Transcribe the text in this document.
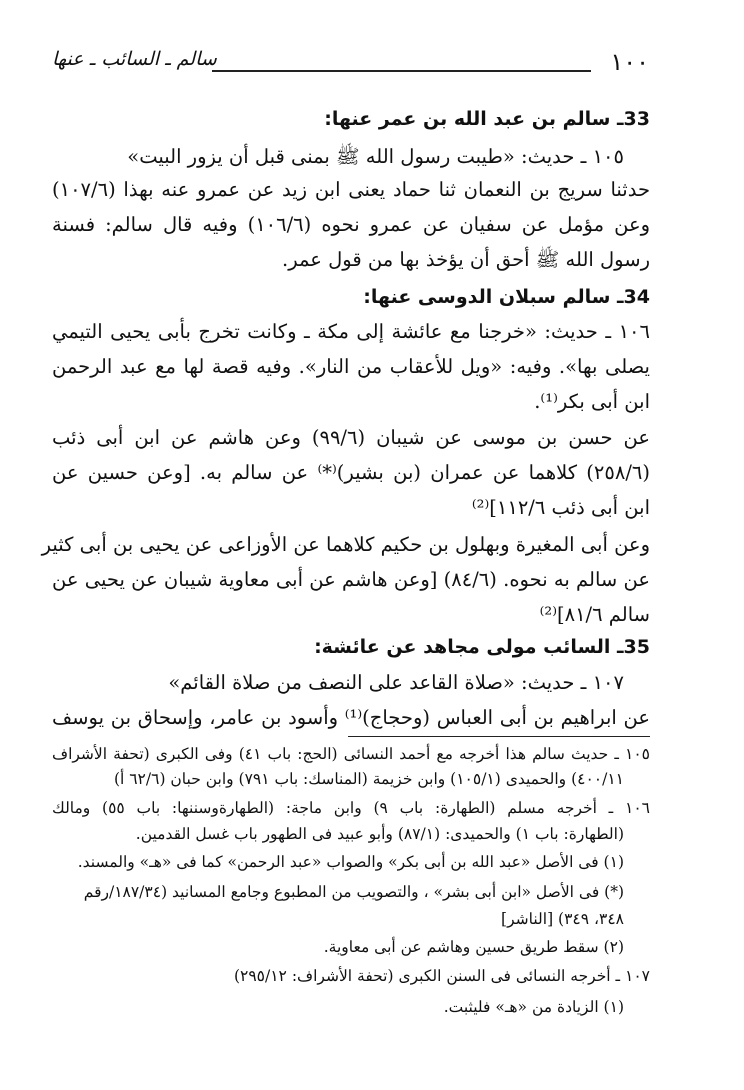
١٠٠
سالم ـ السائب ـ عنها
33ـ سالم بن عبد الله بن عمر عنها:
١٠٥ ـ حديث: «طيبت رسول الله ﷺ بمنى قبل أن يزور البيت»
حدثنا سريج بن النعمان ثنا حماد يعنى ابن زيد عن عمرو عنه بهذا (١٠٧/٦)
وعن مؤمل عن سفيان عن عمرو نحوه (١٠٦/٦) وفيه قال سالم: فسنة
رسول الله ﷺ أحق أن يؤخذ بها من قول عمر.
34ـ سالم سبلان الدوسى عنها:
١٠٦ ـ حديث: «خرجنا مع عائشة إلى مكة ـ وكانت تخرج بأبى يحيى التيمي
يصلى بها». وفيه: «ويل للأعقاب من النار». وفيه قصة لها مع عبد الرحمن
ابن أبى بكر⁽¹⁾.
عن حسن بن موسى عن شيبان (٩٩/٦) وعن هاشم عن ابن أبى ذئب
(٢٥٨/٦) كلاهما عن عمران (بن بشير)⁽*⁾ عن سالم به. [وعن حسين عن
ابن أبى ذئب ١١٢/٦]⁽²⁾
وعن أبى المغيرة وبهلول بن حكيم كلاهما عن الأوزاعى عن يحيى بن أبى كثير
عن سالم به نحوه. (٨٤/٦) [وعن هاشم عن أبى معاوية شيبان عن يحيى عن
سالم ٨١/٦]⁽²⁾
35ـ السائب مولى مجاهد عن عائشة:
١٠٧ ـ حديث: «صلاة القاعد على النصف من صلاة القائم»
عن ابراهيم بن أبى العباس (وحجاج)⁽¹⁾ وأسود بن عامر، وإسحاق بن يوسف
١٠٥ ـ حديث سالم هذا أخرجه مع أحمد النسائى (الحج: باب ٤١) وفى الكبرى (تحفة الأشراف
٤٠٠/١١) والحميدى (١٠٥/١) وابن خزيمة (المناسك: باب ٧٩١) وابن حبان (٦٢/٦ أ)
١٠٦ ـ أخرجه مسلم (الطهارة: باب ٩) وابن ماجة: (الطهارةوسننها: باب ٥٥) ومالك
(الطهارة: باب ١) والحميدى: (٨٧/١) وأبو عبيد فى الطهور باب غسل القدمين.
(١) فى الأصل «عبد الله بن أبى بكر» والصواب «عبد الرحمن» كما فى «هـ» والمسند.
(*) فى الأصل «ابن أبى بشر» ، والتصويب من المطبوع وجامع المسانيد (١٨٧/٣٤/رقم
٣٤٨، ٣٤٩) [الناشر]
(٢) سقط طريق حسين وهاشم عن أبى معاوية.
١٠٧ ـ أخرجه النسائى فى السنن الكبرى (تحفة الأشراف: ٢٩٥/١٢)
(١) الزيادة من «هـ» فليثبت.
